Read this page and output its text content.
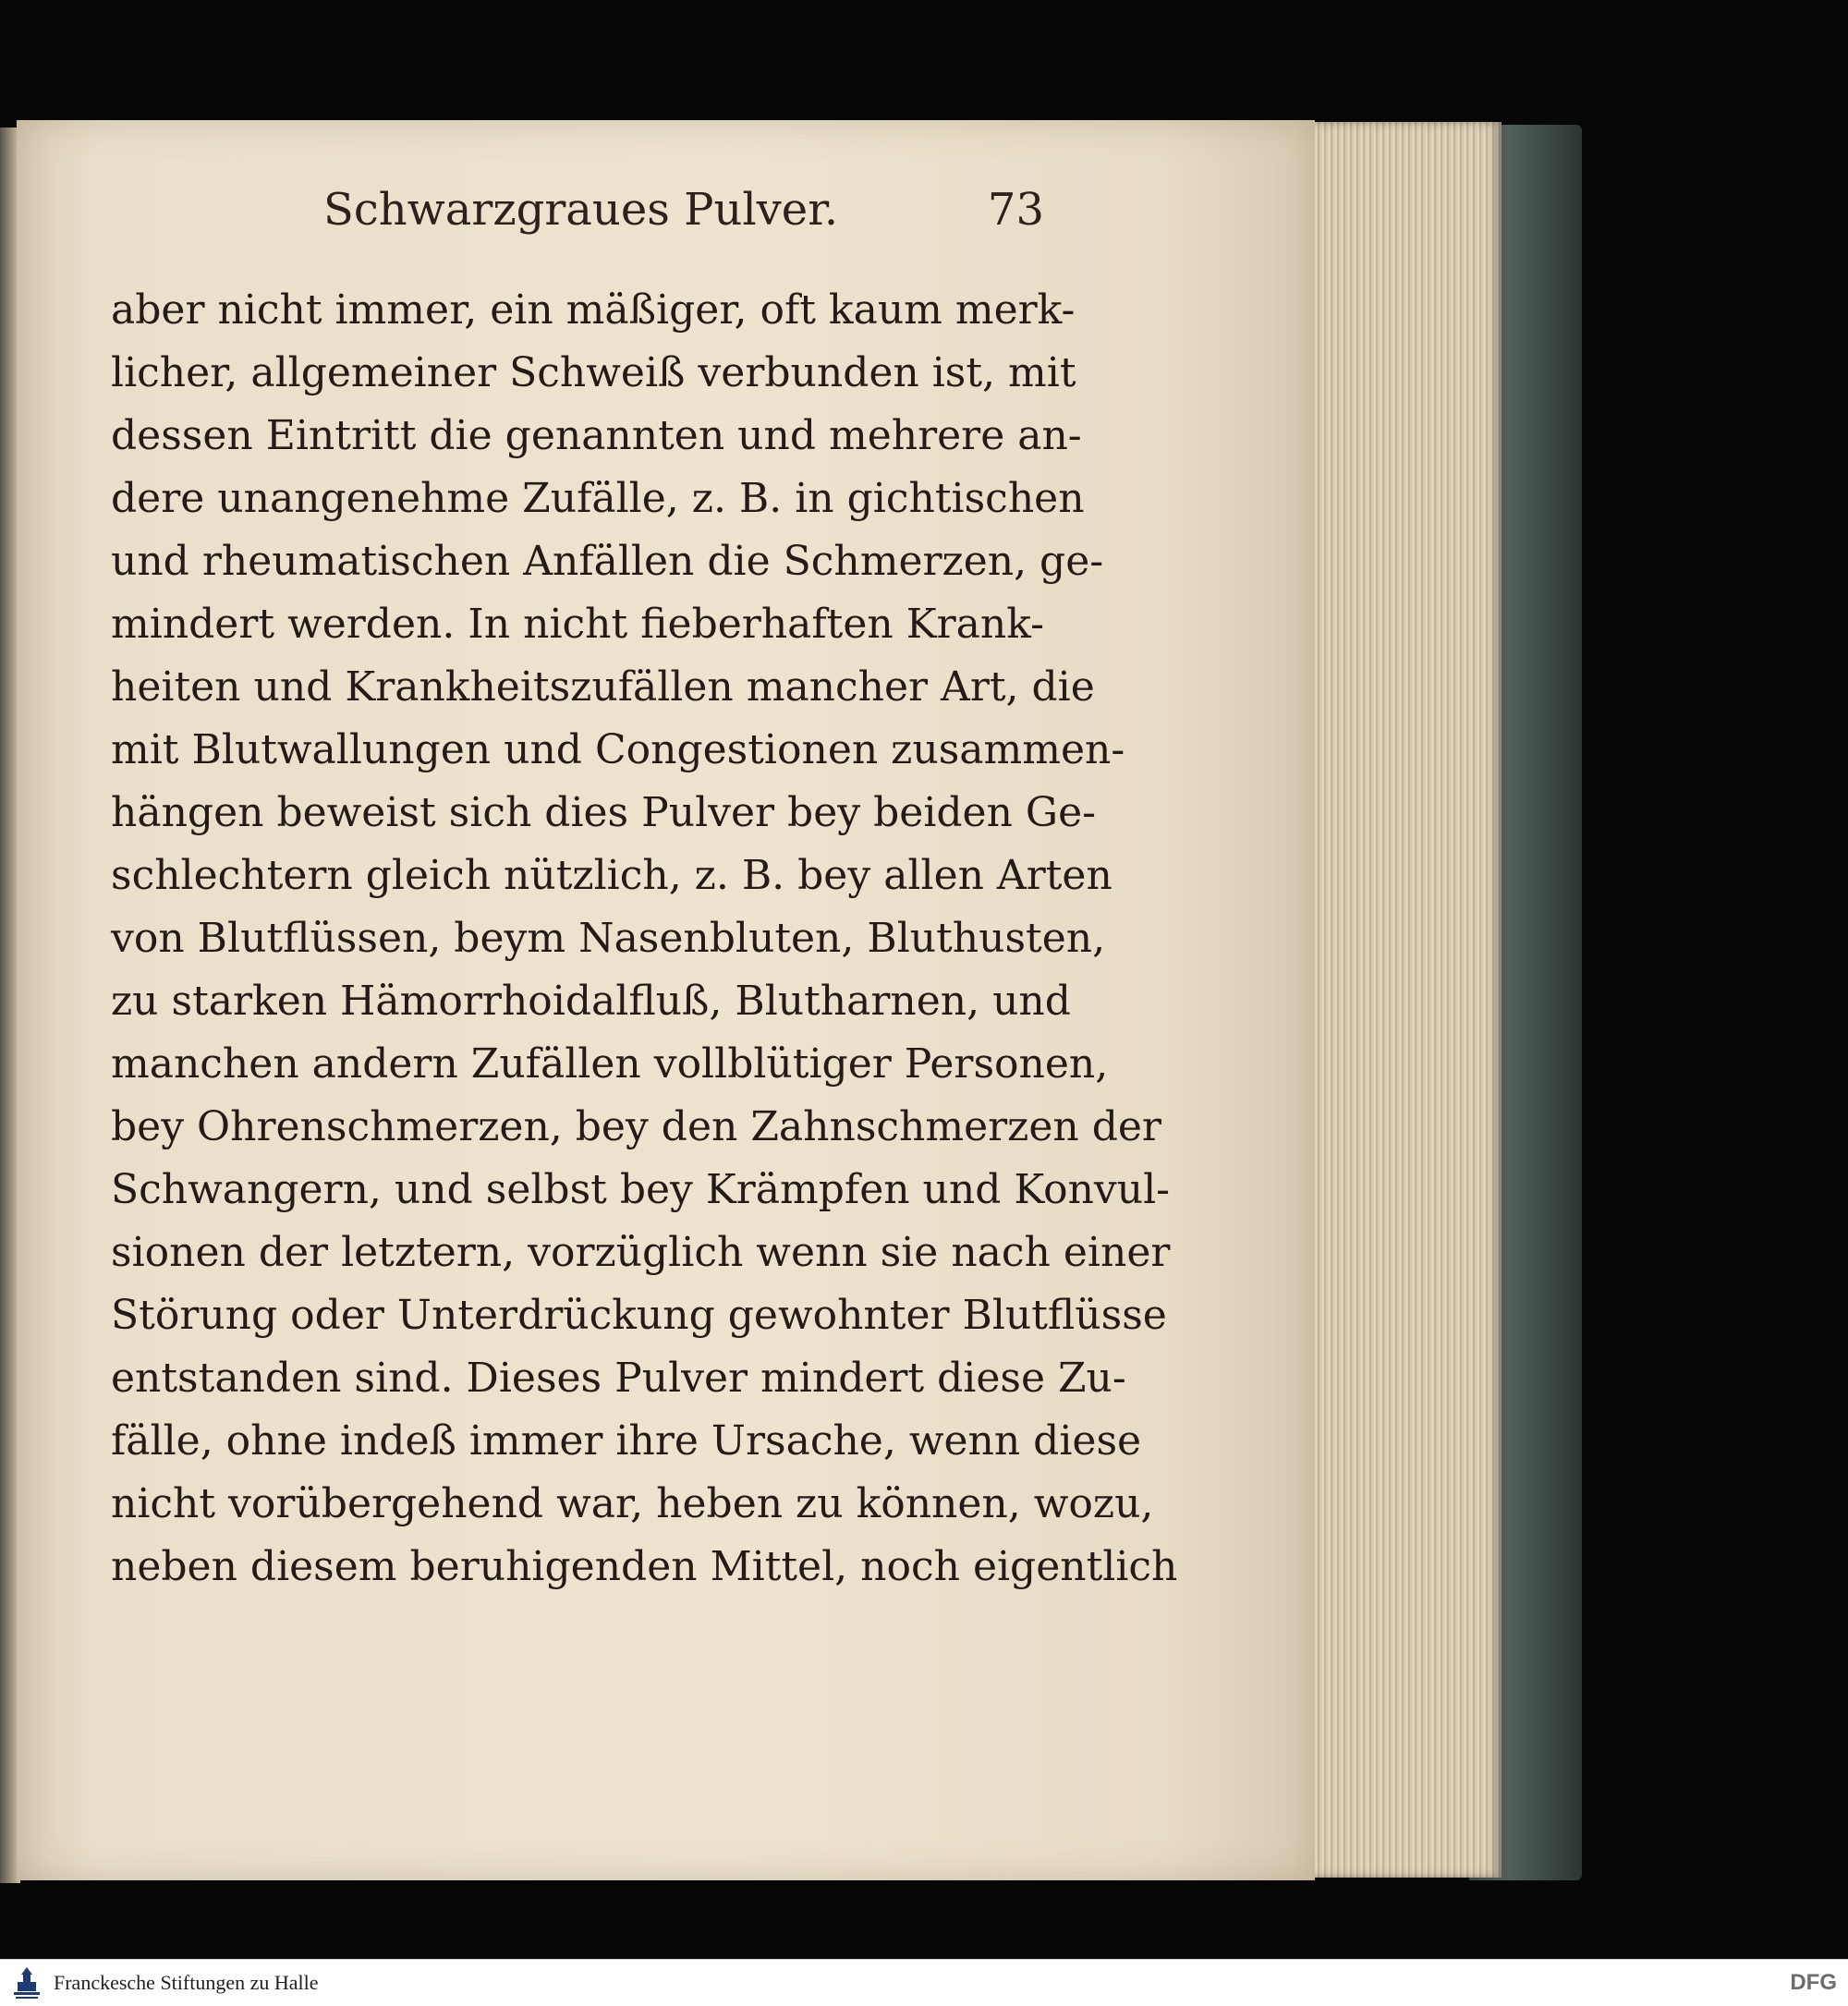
Schwarzgraues Pulver.	73
aber nicht immer, ein mäßiger, oft kaum merk-
licher, allgemeiner Schweiß verbunden ist, mit
dessen Eintritt die genannten und mehrere an-
dere unangenehme Zufälle, z. B. in gichtischen
und rheumatischen Anfällen die Schmerzen, ge-
mindert werden. In nicht fieberhaften Krank-
heiten und Krankheitszufällen mancher Art, die
mit Blutwallungen und Congestionen zusammen-
hängen beweist sich dies Pulver bey beiden Ge-
schlechtern gleich nützlich, z. B. bey allen Arten
von Blutflüssen, beym Nasenbluten, Bluthusten,
zu starken Hämorrhoidalfluß, Blutharnen, und
manchen andern Zufällen vollblütiger Personen,
bey Ohrenschmerzen, bey den Zahnschmerzen der
Schwangern, und selbst bey Krämpfen und Konvul-
sionen der letztern, vorzüglich wenn sie nach einer
Störung oder Unterdrückung gewohnter Blutflüsse
entstanden sind. Dieses Pulver mindert diese Zu-
fälle, ohne indeß immer ihre Ursache, wenn diese
nicht vorübergehend war, heben zu können, wozu,
neben diesem beruhigenden Mittel, noch eigentlich
Franckesche Stiftungen zu Halle	DFG
